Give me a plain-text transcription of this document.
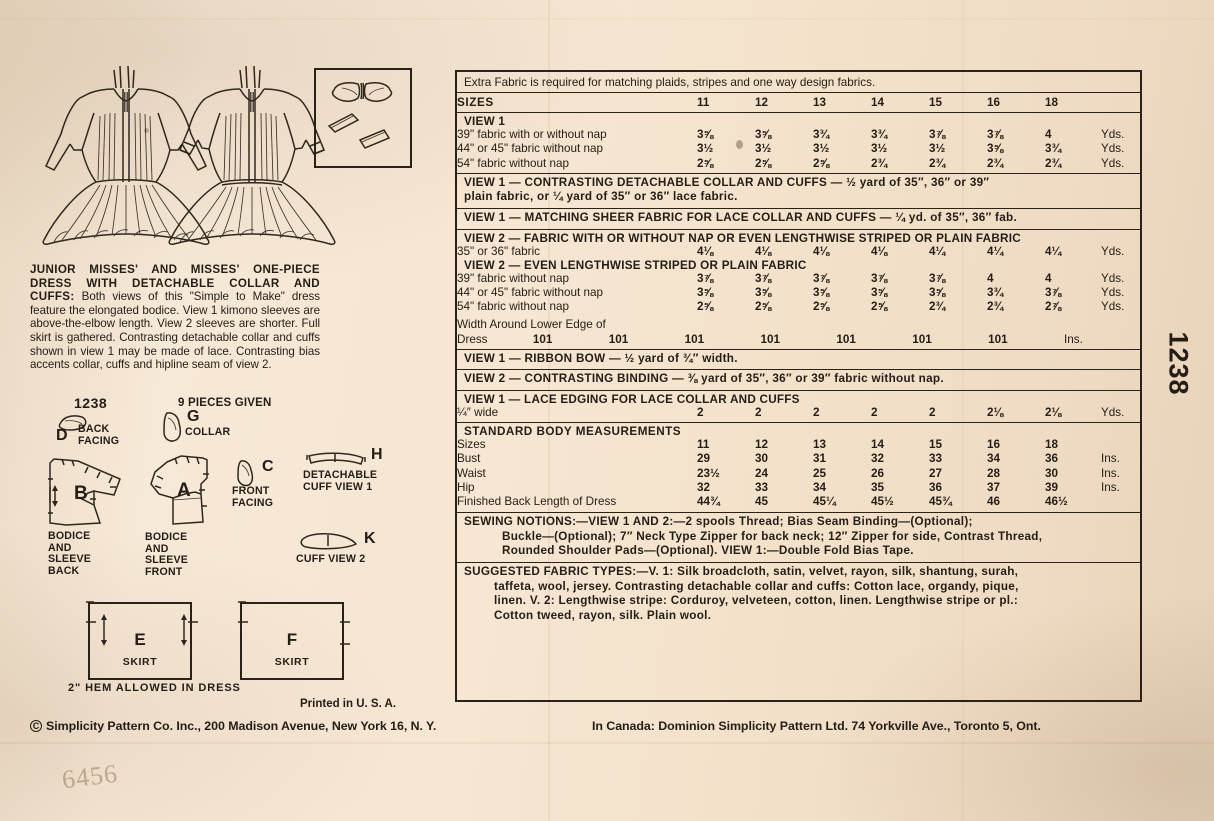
JUNIOR MISSES' AND MISSES' ONE-PIECE DRESS WITH DETACHABLE COLLAR AND CUFFS: Both views of this "Simple to Make" dress feature the elongated bodice. View 1 kimono sleeves are above-the-elbow length. View 2 sleeves are shorter. Full skirt is gathered. Contrasting detachable collar and cuffs shown in view 1 may be made of lace. Contrasting bias accents collar, cuffs and hipline seam of view 2.
1238	9 PIECES GIVEN
D BACK
FACING
G
COLLAR
B
BODICE
AND
SLEEVE
BACK
A
BODICE
AND
SLEEVE
FRONT
C
FRONT
FACING
H
DETACHABLE
CUFF VIEW 1
K
CUFF VIEW 2
E
SKIRT
F
SKIRT
2" HEM ALLOWED IN DRESS
Printed in U. S. A.
C Simplicity Pattern Co. Inc., 200 Madison Avenue, New York 16, N. Y.	In Canada: Dominion Simplicity Pattern Ltd. 74 Yorkville Ave., Toronto 5, Ont.
6456
Extra Fabric is required for matching plaids, stripes and one way design fabrics.
SIZES	11	12	13	14	15	16	18	
VIEW 1
39" fabric with or without nap	3⅝	3⅝	3¾	3¾	3⅞	3⅞	4	Yds.
44" or 45" fabric without nap	3½	3½	3½	3½	3½	3⅝	3¾	Yds.
54" fabric without nap	2⅝	2⅝	2⅝	2¾	2¾	2¾	2¾	Yds.
VIEW 1 — CONTRASTING DETACHABLE COLLAR AND CUFFS — ½ yard of 35″, 36″ or 39″
plain fabric, or ¼ yard of 35″ or 36″ lace fabric.
VIEW 1 — MATCHING SHEER FABRIC FOR LACE COLLAR AND CUFFS — ¼ yd. of 35″, 36″ fab.
VIEW 2 — FABRIC WITH OR WITHOUT NAP OR EVEN LENGTHWISE STRIPED OR PLAIN FABRIC
35" or 36" fabric	4⅛	4⅛	4⅛	4⅛	4¼	4¼	4¼	Yds.
VIEW 2 — EVEN LENGTHWISE STRIPED OR PLAIN FABRIC
39" fabric without nap	3⅞	3⅞	3⅞	3⅞	3⅞	4	4	Yds.
44" or 45" fabric without nap	3⅝	3⅝	3⅝	3⅝	3⅝	3¾	3⅞	Yds.
54" fabric without nap	2⅝	2⅝	2⅝	2⅝	2¾	2¾	2⅞	Yds.
Width Around Lower Edge of
Dress	101	101	101	101	101	101	101	Ins.
VIEW 1 — RIBBON BOW — ½ yard of ¾″ width.
VIEW 2 — CONTRASTING BINDING — ⅜ yard of 35″, 36″ or 39″ fabric without nap.
VIEW 1 — LACE EDGING FOR LACE COLLAR AND CUFFS
¼″ wide	2	2	2	2	2	2⅛	2⅛	Yds.
STANDARD BODY MEASUREMENTS
Sizes	11	12	13	14	15	16	18	
Bust	29	30	31	32	33	34	36	Ins.
Waist	23½	24	25	26	27	28	30	Ins.
Hip	32	33	34	35	36	37	39	Ins.
Finished Back Length of Dress	44¾	45	45¼	45½	45¾	46	46½	
SEWING NOTIONS:—VIEW 1 AND 2:—2 spools Thread; Bias Seam Binding—(Optional);
Buckle—(Optional); 7″ Neck Type Zipper for back neck; 12″ Zipper for side, Contrast Thread,
Rounded Shoulder Pads—(Optional). VIEW 1:—Double Fold Bias Tape.
SUGGESTED FABRIC TYPES:—V. 1: Silk broadcloth, satin, velvet, rayon, silk, shantung, surah,
taffeta, wool, jersey. Contrasting detachable collar and cuffs: Cotton lace, organdy, pique,
linen. V. 2: Lengthwise stripe: Corduroy, velveteen, cotton, linen. Lengthwise stripe or pl.:
Cotton tweed, rayon, silk. Plain wool.
1238
